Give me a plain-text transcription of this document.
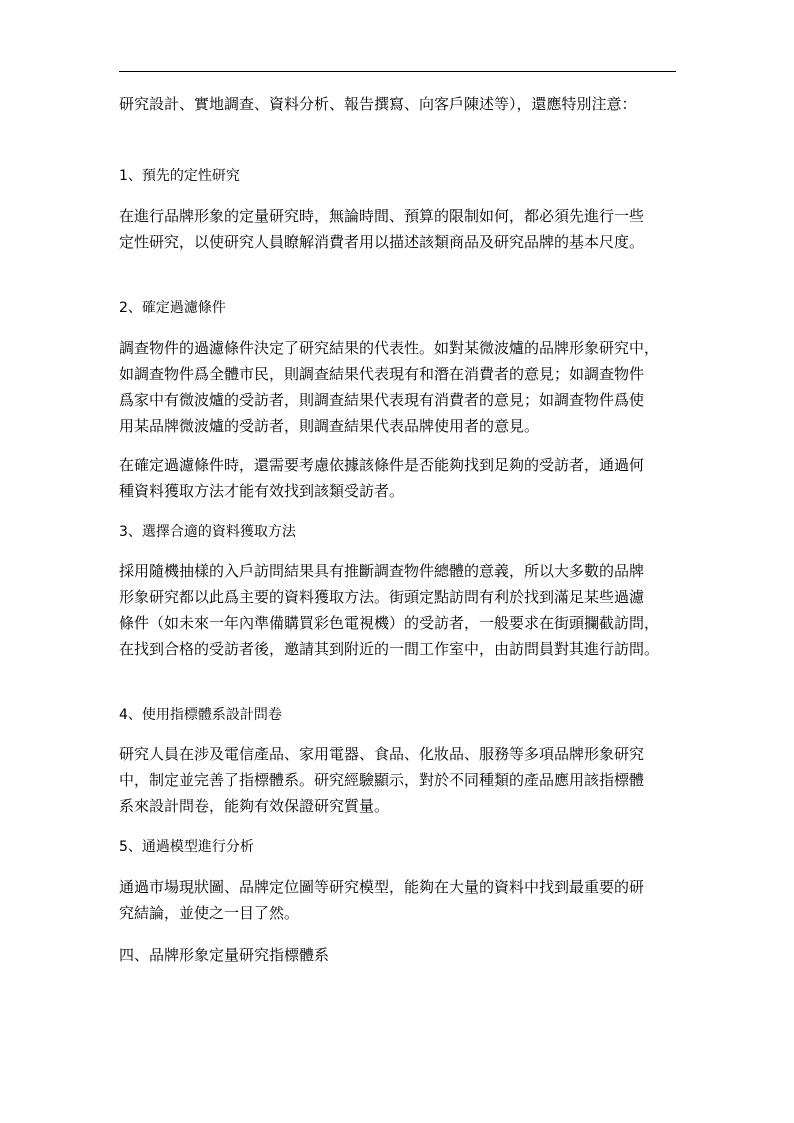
研究設計、實地調查、資料分析、報告撰寫、向客戶陳述等），還應特別注意：

1、預先的定性研究

在進行品牌形象的定量研究時，無論時間、預算的限制如何，都必須先進行一些
定性研究，以使研究人員瞭解消費者用以描述該類商品及研究品牌的基本尺度。

2、確定過濾條件

調查物件的過濾條件決定了研究結果的代表性。如對某微波爐的品牌形象研究中，
如調查物件爲全體市民，則調查結果代表現有和潛在消費者的意見；如調查物件
爲家中有微波爐的受訪者，則調查結果代表現有消費者的意見；如調查物件爲使
用某品牌微波爐的受訪者，則調查結果代表品牌使用者的意見。

在確定過濾條件時，還需要考慮依據該條件是否能夠找到足夠的受訪者，通過何
種資料獲取方法才能有效找到該類受訪者。

3、選擇合適的資料獲取方法

採用隨機抽樣的入戶訪問結果具有推斷調查物件總體的意義，所以大多數的品牌
形象研究都以此爲主要的資料獲取方法。街頭定點訪問有利於找到滿足某些過濾
條件（如未來一年內準備購買彩色電視機）的受訪者，一般要求在街頭攔截訪問，
在找到合格的受訪者後，邀請其到附近的一間工作室中，由訪問員對其進行訪問。

4、使用指標體系設計問卷

研究人員在涉及電信產品、家用電器、食品、化妝品、服務等多項品牌形象研究
中，制定並完善了指標體系。研究經驗顯示，對於不同種類的產品應用該指標體
系來設計問卷，能夠有效保證研究質量。

5、通過模型進行分析

通過市場現狀圖、品牌定位圖等研究模型，能夠在大量的資料中找到最重要的研
究結論，並使之一目了然。

四、品牌形象定量研究指標體系
